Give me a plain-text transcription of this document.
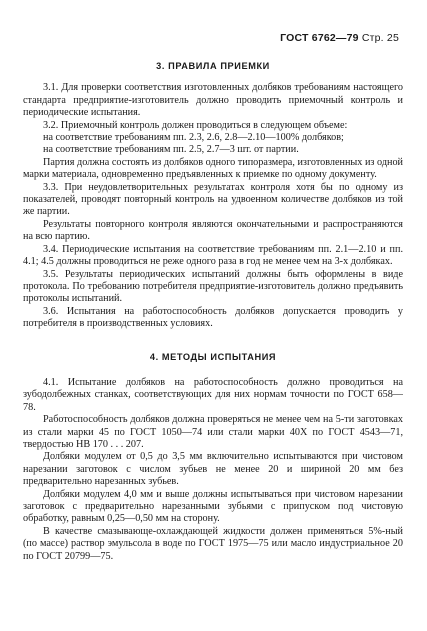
ГОСТ 6762—79 Стр. 25
3. ПРАВИЛА ПРИЕМКИ

3.1. Для проверки соответствия изготовленных долбяков требованиям настоящего стандарта предприятие-изготовитель должно проводить приемочный контроль и периодические испытания.

3.2. Приемочный контроль должен проводиться в следующем объеме:

на соответствие требованиям пп. 2.3, 2.6, 2.8—2.10—100% долбяков;

на соответствие требованиям пп. 2.5, 2.7—3 шт. от партии.

Партия должна состоять из долбяков одного типоразмера, изготовленных из одной марки материала, одновременно предъявленных к приемке по одному документу.

3.3. При неудовлетворительных результатах контроля хотя бы по одному из показателей, проводят повторный контроль на удвоенном количестве долбяков из той же партии.

Результаты повторного контроля являются окончательными и распространяются на всю партию.

3.4. Периодические испытания на соответствие требованиям пп. 2.1—2.10 и пп. 4.1; 4.5 должны проводиться не реже одного раза в год не менее чем на 3-х долбяках.

3.5. Результаты периодических испытаний должны быть оформлены в виде протокола. По требованию потребителя предприятие-изготовитель должно предъявить протоколы испытаний.

3.6. Испытания на работоспособность долбяков допускается проводить у потребителя в производственных условиях.

4. МЕТОДЫ ИСПЫТАНИЯ

4.1. Испытание долбяков на работоспособность должно проводиться на зубодолбежных станках, соответствующих для них нормам точности по ГОСТ 658—78.

Работоспособность долбяков должна проверяться не менее чем на 5-ти заготовках из стали марки 45 по ГОСТ 1050—74 или стали марки 40Х по ГОСТ 4543—71, твердостью НВ 170 . . . 207.

Долбяки модулем от 0,5 до 3,5 мм включительно испытываются при чистовом нарезании заготовок с числом зубьев не менее 20 и шириной 20 мм без предварительно нарезанных зубьев.

Долбяки модулем 4,0 мм и выше должны испытываться при чистовом нарезании заготовок с предварительно нарезанными зубьями с припуском под чистовую обработку, равным 0,25—0,50 мм на сторону.

В качестве смазывающе-охлаждающей жидкости должен применяться 5%-ный (по массе) раствор эмульсола в воде по ГОСТ 1975—75 или масло индустриальное 20 по ГОСТ 20799—75.
